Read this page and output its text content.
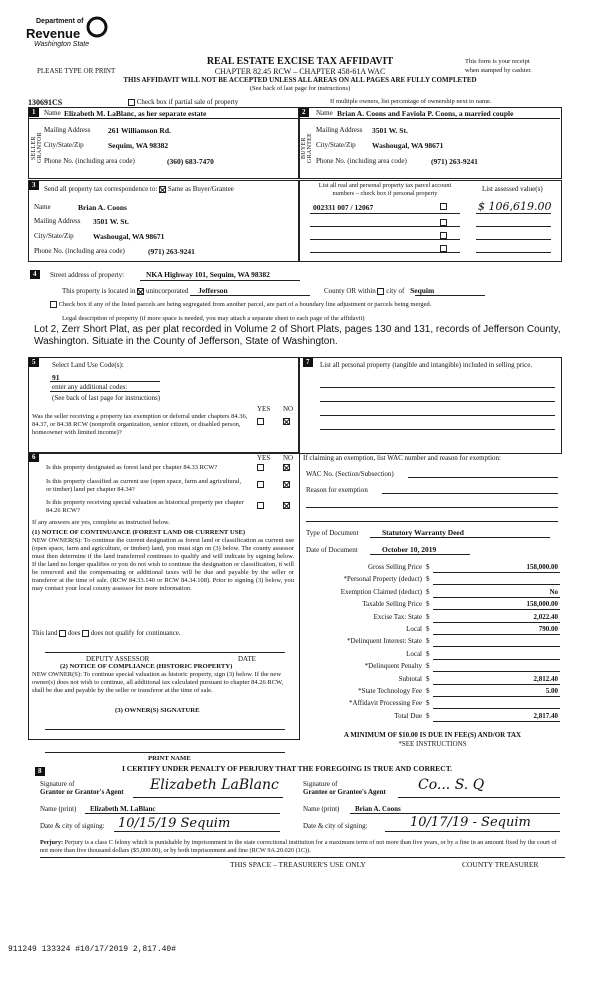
Department of
Revenue
Washington State
REAL ESTATE EXCISE TAX AFFIDAVIT
CHAPTER 82.45 RCW – CHAPTER 458-61A WAC
PLEASE TYPE OR PRINT
This form is your receipt
when stamped by cashier.
THIS AFFIDAVIT WILL NOT BE ACCEPTED UNLESS ALL AREAS ON ALL PAGES ARE FULLY COMPLETED
(See back of last page for instructions)
130691CS	Check box if partial sale of property	If multiple owners, list percentage of ownership next to name.
1	Name Elizabeth M. LaBlanc, as her separate estate
SELLER GRANTOR
Mailing Address 261 Williamson Rd.
City/State/Zip	Sequim, WA 98382
Phone No. (including area code)	(360) 683-7470
2	Name Brian A. Coons and Faviola P. Coons, a married couple
BUYER GRANTEE
Mailing Address 3501 W. St.
City/State/Zip Washougal, WA 98671
Phone No. (including area code)	(971) 263-9241
3	Send all property tax correspondence to: Same as Buyer/Grantee
Name	Brian A. Coons
Mailing Address 3501 W. St.
City/State/Zip	Washougal, WA 98671
Phone No. (including area code)	(971) 263-9241
List all real and personal property tax parcel account
numbers – check box if personal property
List assessed value(s)
002331 007 / 12067	$ 106,619.00
4	Street address of property:	NKA Highway 101, Sequim, WA 98382
This property is located in unincorporated Jefferson	County OR within city of Sequim
Check box if any of the listed parcels are being segregated from another parcel, are part of a boundary line adjustment or parcels being merged.
Legal description of property (if more space is needed, you may attach a separate sheet to each page of the affidavit)
Lot 2, Zerr Short Plat, as per plat recorded in Volume 2 of Short Plats, pages 130 and 131, records of Jefferson County, Washington. Situate in the County of Jefferson, State of Washington.
5	Select Land Use Code(s):
91
enter any additional codes:
(See back of last page for instructions)
YES NO
Was the seller receiving a property tax exemption or deferral under chapters 84.36, 84.37, or 84.38 RCW (nonprofit organization, senior citizen, or disabled person, homeowner with limited income)?
7	List all personal property (tangible and intangible) included in selling price.
6	YES NO
Is this property designated as forest land per chapter 84.33 RCW?
Is this property classified as current use (open space, farm and agricultural, or timber) land per chapter 84.34?
Is this property receiving special valuation as historical property per chapter 84.26 RCW?
If any answers are yes, complete as instructed below.
(1) NOTICE OF CONTINUANCE (FOREST LAND OR CURRENT USE)
NEW OWNER(S): To continue the current designation as forest land or classification as current use (open space, farm and agriculture, or timber) land, you must sign on (3) below. The county assessor must then determine if the land transferred continues to qualify and will indicate by signing below. If the land no longer qualifies or you do not wish to continue the designation or classification, it will be removed and the compensating or additional taxes will be due and payable by the seller or transferor at the time of sale. (RCW 84.33.140 or RCW 84.34.108). Prior to signing (3) below, you may contact your local county assessor for more information.
This land does does not qualify for continuance.
DEPUTY ASSESSOR	DATE
(2) NOTICE OF COMPLIANCE (HISTORIC PROPERTY)
NEW OWNER(S): To continue special valuation as historic property, sign (3) below. If the new owner(s) does not wish to continue, all additional tax calculated pursuant to chapter 84.26 RCW, shall be due and payable by the seller or transferor at the time of sale.
(3) OWNER(S) SIGNATURE
PRINT NAME
If claiming an exemption, list WAC number and reason for exemption:
WAC No. (Section/Subsection)
Reason for exemption
Type of Document	Statutory Warranty Deed
Date of Document	October 10, 2019
Gross Selling Price $	158,000.00
*Personal Property (deduct) $
Exemption Claimed (deduct) $	No
Taxable Selling Price $	158,000.00
Excise Tax: State $	2,022.40
Local $	790.00
*Delinquent Interest: State $
Local $
*Delinquent Penalty $
Subtotal $	2,812.40
*State Technology Fee $	5.00
*Affidavit Processing Fee $
Total Due $	2,817.40
A MINIMUM OF $10.00 IS DUE IN FEE(S) AND/OR TAX
*SEE INSTRUCTIONS
8	I CERTIFY UNDER PENALTY OF PERJURY THAT THE FOREGOING IS TRUE AND CORRECT.
Signature of
Grantor or Grantor's Agent Elizabeth LaBlanc
Name (print) Elizabeth M. LaBlanc
Date & city of signing: 10/15/19 Sequim
Signature of
Grantee or Grantee's Agent Co... S. Q
Name (print) Brian A. Coons
Date & city of signing:	10/17/19 - Sequim
Perjury: Perjury is a class C felony which is punishable by imprisonment in the state correctional institution for a maximum term of not more than five years, or by a fine in an amount fixed by the court of not more than five thousand dollars ($5,000.00), or by both imprisonment and fine (RCW 9A.20.020 (1C)).
THIS SPACE – TREASURER'S USE ONLY	COUNTY TREASURER
911249 133324 #10/17/2019 2,817.40#
